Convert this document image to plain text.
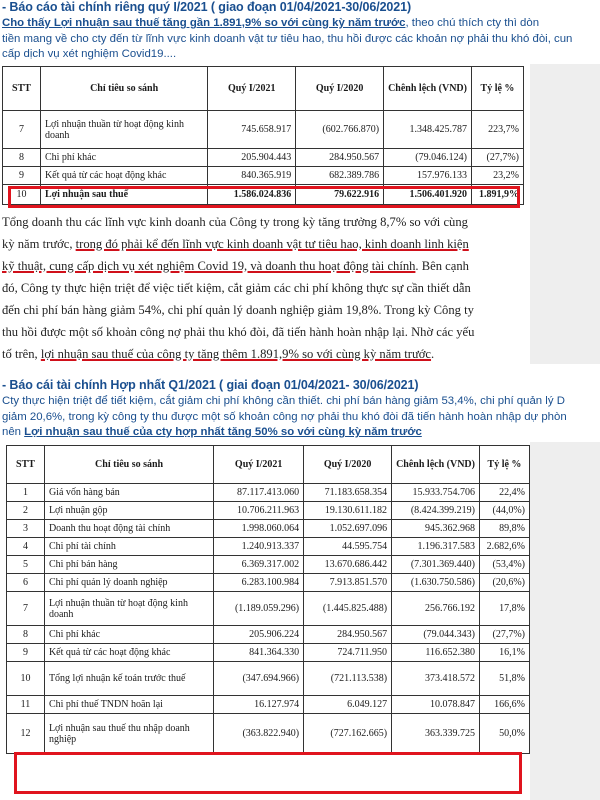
- Báo cáo tài chính riêng quý I/2021 ( giao đoạn 01/04/2021-30/06/2021)
Cho thấy Lợi nhuận sau thuế tăng gần 1.891,9% so với cùng kỳ năm trước, theo chú thích cty thì dòn
tiền mang về cho cty đến từ lĩnh vực kinh doanh vật tư tiêu hao, thu hồi được các khoản nợ phải thu khó đòi, cun
cấp dịch vụ xét nghiệm Covid19....
STT	Chỉ tiêu so sánh	Quý I/2021	Quý I/2020	Chênh lệch (VND)	Tỷ lệ %
7	Lợi nhuận thuần từ hoạt động kinh doanh	745.658.917	(602.766.870)	1.348.425.787	223,7%
8	Chi phí khác	205.904.443	284.950.567	(79.046.124)	(27,7%)
9	Kết quả từ các hoạt động khác	840.365.919	682.389.786	157.976.133	23,2%
10	Lợi nhuận sau thuế	1.586.024.836	79.622.916	1.506.401.920	1.891,9%
Tổng doanh thu các lĩnh vực kinh doanh của Công ty trong kỳ tăng trưởng 8,7% so với cùng
kỳ năm trước, trong đó phải kể đến lĩnh vực kinh doanh vật tư tiêu hao, kinh doanh linh kiện
kỹ thuật, cung cấp dịch vụ xét nghiệm Covid 19, và doanh thu hoạt động tài chính. Bên cạnh
đó, Công ty thực hiện triệt để việc tiết kiệm, cắt giảm các chi phí không thực sự cần thiết dẫn
đến chi phí bán hàng giảm 54%, chi phí quản lý doanh nghiệp giảm 19,8%. Trong kỳ Công ty
thu hồi được một số khoản công nợ phải thu khó đòi, đã tiến hành hoàn nhập lại. Nhờ các yếu
tố trên, lợi nhuận sau thuế của công ty tăng thêm 1.891,9% so với cùng kỳ năm trước.
- Báo cái tài chính Hợp nhất Q1/2021 ( giai đoạn 01/04/2021- 30/06/2021)
Cty thực hiện triệt để tiết kiệm, cắt giảm chi phí không cần thiết. chi phí bán hàng giảm 53,4%, chi phí quản lý D
giảm 20,6%, trong kỳ công ty thu được một số khoản công nợ phải thu khó đòi đã tiến hành hoàn nhập dự phòn
nên Lợi nhuận sau thuế của cty hợp nhất tăng 50% so với cùng kỳ năm trước
STT	Chỉ tiêu so sánh	Quý I/2021	Quý I/2020	Chênh lệch (VND)	Tỷ lệ %
1	Giá vốn hàng bán	87.117.413.060	71.183.658.354	15.933.754.706	22,4%
2	Lợi nhuận gộp	10.706.211.963	19.130.611.182	(8.424.399.219)	(44,0%)
3	Doanh thu hoạt động tài chính	1.998.060.064	1.052.697.096	945.362.968	89,8%
4	Chi phí tài chính	1.240.913.337	44.595.754	1.196.317.583	2.682,6%
5	Chi phí bán hàng	6.369.317.002	13.670.686.442	(7.301.369.440)	(53,4%)
6	Chi phí quản lý doanh nghiệp	6.283.100.984	7.913.851.570	(1.630.750.586)	(20,6%)
7	Lợi nhuận thuần từ hoạt động kinh doanh	(1.189.059.296)	(1.445.825.488)	256.766.192	17,8%
8	Chi phí khác	205.906.224	284.950.567	(79.044.343)	(27,7%)
9	Kết quả từ các hoạt động khác	841.364.330	724.711.950	116.652.380	16,1%
10	Tổng lợi nhuận kế toán trước thuế	(347.694.966)	(721.113.538)	373.418.572	51,8%
11	Chi phí thuế TNDN hoãn lại	16.127.974	6.049.127	10.078.847	166,6%
12	Lợi nhuận sau thuế thu nhập doanh nghiệp	(363.822.940)	(727.162.665)	363.339.725	50,0%
